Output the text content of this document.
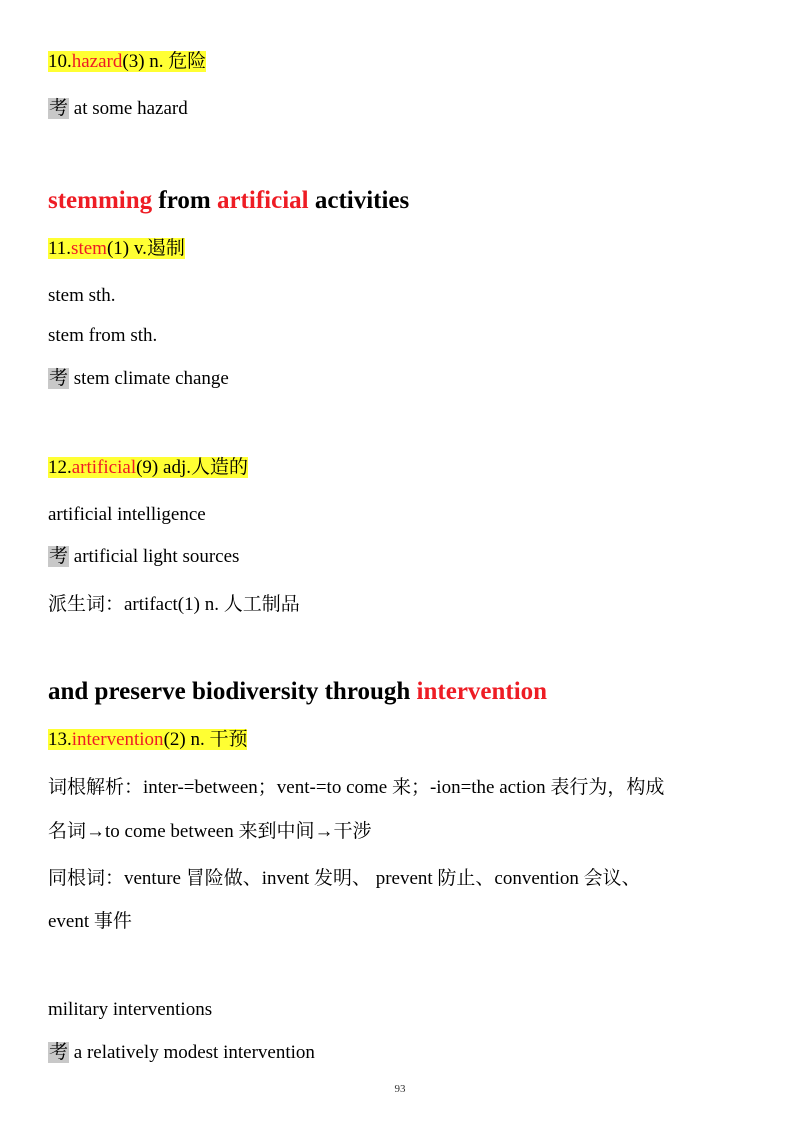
10.hazard(3) n. 危险
考 at some hazard
stemming from artificial activities
11.stem(1) v.遏制
stem sth.
stem from sth.
考 stem climate change
12.artificial(9) adj.人造的
artificial intelligence
考 artificial light sources
派生词：artifact(1) n. 人工制品
and preserve biodiversity through intervention
13.intervention(2) n. 干预
词根解析：inter-=between；vent-=to come 来；-ion=the action 表行为，构成
名词→to come between 来到中间→干涉
同根词：venture 冒险做、invent 发明、 prevent 防止、convention 会议、
event 事件
military interventions
考 a relatively modest intervention
93
